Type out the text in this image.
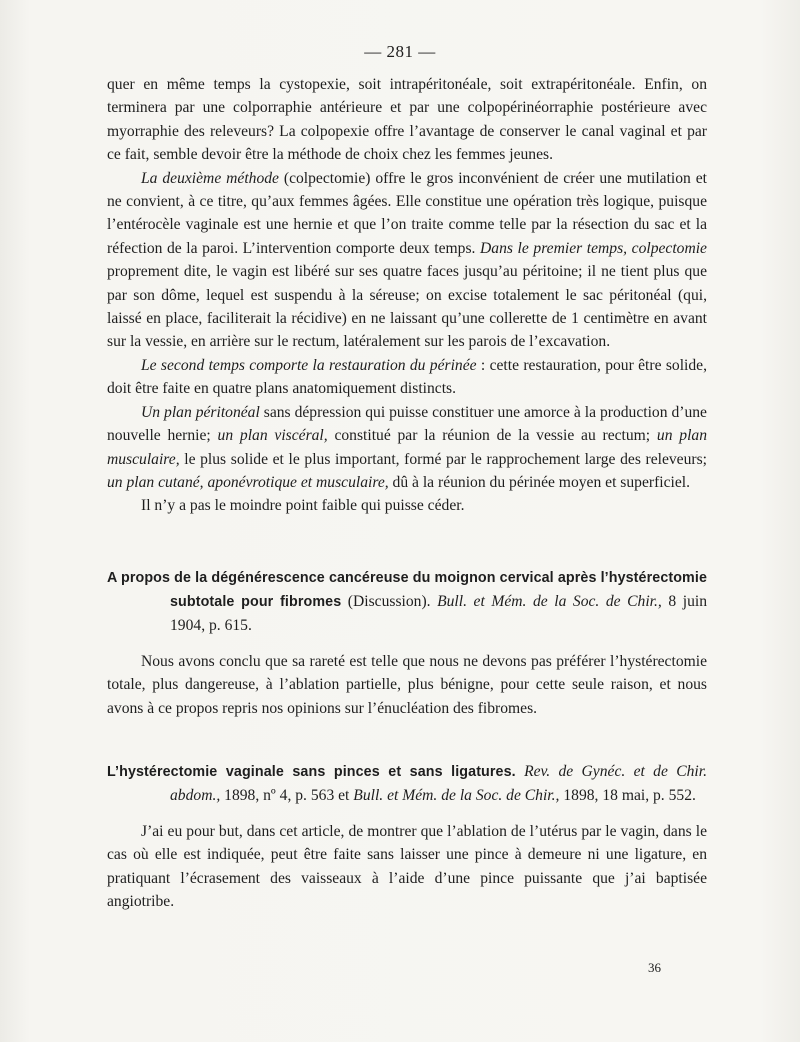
— 281 —

quer en même temps la cystopexie, soit intrapéritonéale, soit extrapéritonéale. Enfin, on terminera par une colporraphie antérieure et par une colpopérinéorraphie postérieure avec myorraphie des releveurs? La colpopexie offre l’avantage de conserver le canal vaginal et par ce fait, semble devoir être la méthode de choix chez les femmes jeunes.

La deuxième méthode (colpectomie) offre le gros inconvénient de créer une mutilation et ne convient, à ce titre, qu’aux femmes âgées. Elle constitue une opération très logique, puisque l’entérocèle vaginale est une hernie et que l’on traite comme telle par la résection du sac et la réfection de la paroi. L’intervention comporte deux temps. Dans le premier temps, colpectomie proprement dite, le vagin est libéré sur ses quatre faces jusqu’au péritoine; il ne tient plus que par son dôme, lequel est suspendu à la séreuse; on excise totalement le sac péritonéal (qui, laissé en place, faciliterait la récidive) en ne laissant qu’une collerette de 1 centimètre en avant sur la vessie, en arrière sur le rectum, latéralement sur les parois de l’excavation.

Le second temps comporte la restauration du périnée : cette restauration, pour être solide, doit être faite en quatre plans anatomiquement distincts.

Un plan péritonéal sans dépression qui puisse constituer une amorce à la production d’une nouvelle hernie; un plan viscéral, constitué par la réunion de la vessie au rectum; un plan musculaire, le plus solide et le plus important, formé par le rapprochement large des releveurs; un plan cutané, aponévrotique et musculaire, dû à la réunion du périnée moyen et superficiel.

Il n’y a pas le moindre point faible qui puisse céder.

A propos de la dégénérescence cancéreuse du moignon cervical après l’hystérectomie subtotale pour fibromes (Discussion). Bull. et Mém. de la Soc. de Chir., 8 juin 1904, p. 615.

Nous avons conclu que sa rareté est telle que nous ne devons pas préférer l’hystérectomie totale, plus dangereuse, à l’ablation partielle, plus bénigne, pour cette seule raison, et nous avons à ce propos repris nos opinions sur l’énucléation des fibromes.

L’hystérectomie vaginale sans pinces et sans ligatures. Rev. de Gynéc. et de Chir. abdom., 1898, nº 4, p. 563 et Bull. et Mém. de la Soc. de Chir., 1898, 18 mai, p. 552.

J’ai eu pour but, dans cet article, de montrer que l’ablation de l’utérus par le vagin, dans le cas où elle est indiquée, peut être faite sans laisser une pince à demeure ni une ligature, en pratiquant l’écrasement des vaisseaux à l’aide d’une pince puissante que j’ai baptisée angiotribe.

36
